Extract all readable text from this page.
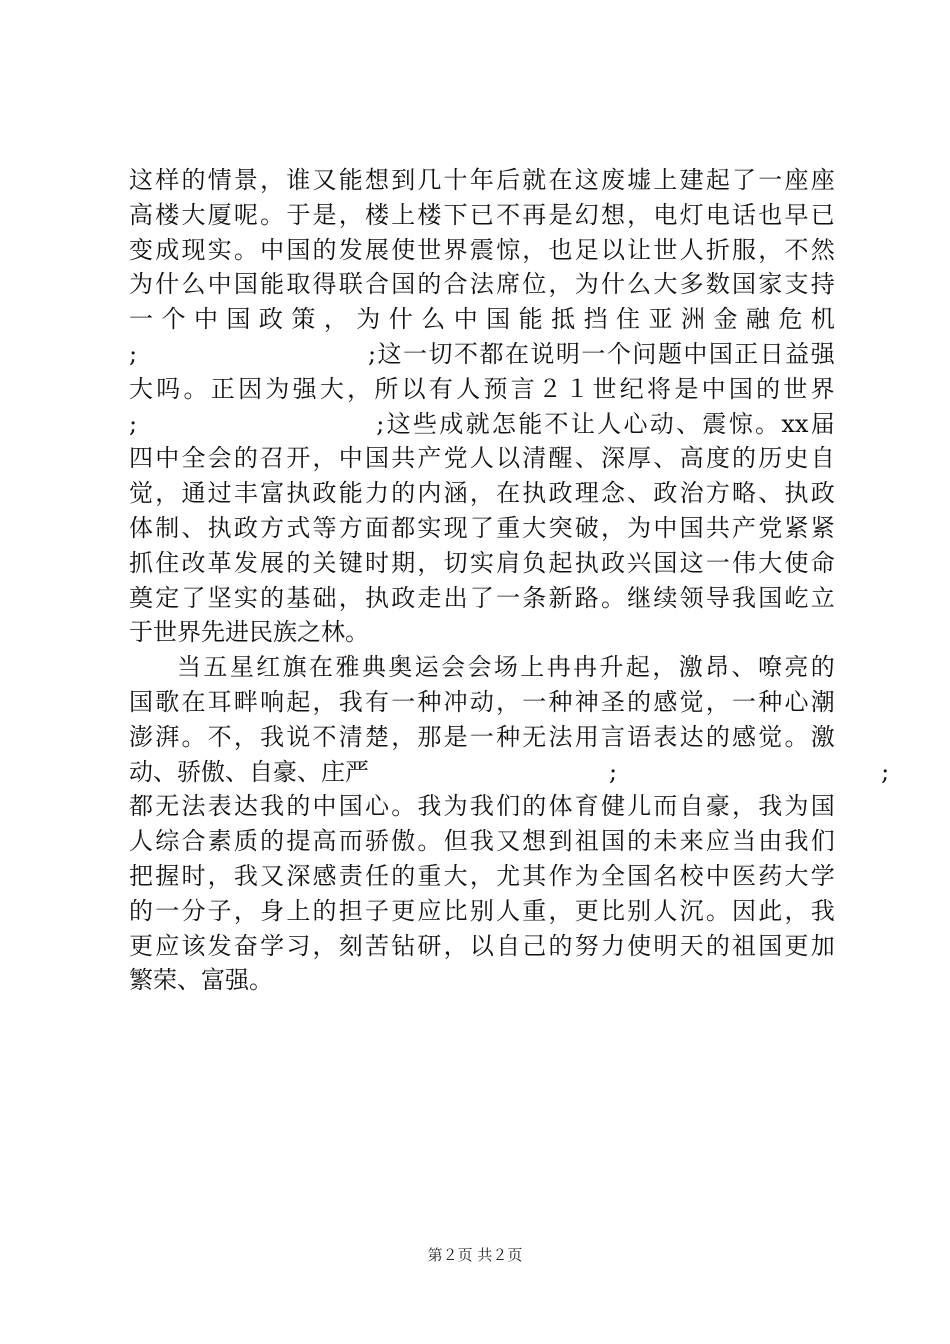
这 样 的 情 景 ， 谁 又 能 想 到 几 十 年 后 就 在 这 废 墟 上 建 起 了 一 座 座
高 楼 大 厦 呢 。 于 是 ， 楼 上 楼 下 已 不 再 是 幻 想 ， 电 灯 电 话 也 早 已
变 成 现 实 。 中 国 的 发 展 使 世 界 震 惊 ， 也 足 以 让 世 人 折 服 ， 不 然
为 什 么 中 国 能 取 得 联 合 国 的 合 法 席 位 ， 为 什 么 大 多 数 国 家 支 持
一 个 中 国 政 策 ， 为 什 么 中 国 能 抵 挡 住 亚 洲 金 融 危 机
;

　	; 这 一 切 不 都 在 说 明 一 个 问 题 中 国 正 日 益 强
大 吗 。 正 因 为 强 大 ， 所 以 有 人 预 言 ２ １ 世 纪 将 是 中 国 的 世 界
;

　	; 这 些 成 就 怎 能 不 让 人 心 动 、 震 惊 。 xx 届
四 中 全 会 的 召 开 ， 中 国 共 产 党 人 以 清 醒 、 深 厚 、 高 度 的 历 史 自
觉 ， 通 过 丰 富 执 政 能 力 的 内 涵 ， 在 执 政 理 念 、 政 治 方 略 、 执 政
体 制 、 执 政 方 式 等 方 面 都 实 现 了 重 大 突 破 ， 为 中 国 共 产 党 紧 紧
抓 住 改 革 发 展 的 关 键 时 期 ， 切 实 肩 负 起 执 政 兴 国 这 一 伟 大 使 命
奠 定 了 坚 实 的 基 础 ， 执 政 走 出 了 一 条 新 路 。 继 续 领 导 我 国 屹 立
于世界先进民族之林。
当 五 星 红 旗 在 雅 典 奥 运 会 会 场 上 冉 冉 升 起 ， 激 昂 、 嘹 亮 的
国 歌 在 耳 畔 响 起 ， 我 有 一 种 冲 动 ， 一 种 神 圣 的 感 觉 ， 一 种 心 潮
澎 湃 。 不 ， 我 说 不 清 楚 ， 那 是 一 种 无 法 用 言 语 表 达 的 感 觉 。 激
动 、 骄 傲 、 自 豪 、 庄 严

　	;

　	;
都 无 法 表 达 我 的 中 国 心 。 我 为 我 们 的 体 育 健 儿 而 自 豪 ， 我 为 国
人 综 合 素 质 的 提 高 而 骄 傲 。 但 我 又 想 到 祖 国 的 未 来 应 当 由 我 们
把 握 时 ， 我 又 深 感 责 任 的 重 大 ， 尤 其 作 为 全 国 名 校 中 医 药 大 学
的 一 分 子 ， 身 上 的 担 子 更 应 比 别 人 重 ， 更 比 别 人 沉 。 因 此 ， 我
更 应 该 发 奋 学 习 ， 刻 苦 钻 研 ， 以 自 己 的 努 力 使 明 天 的 祖 国 更 加
繁荣、富强。
第２页 共２页
